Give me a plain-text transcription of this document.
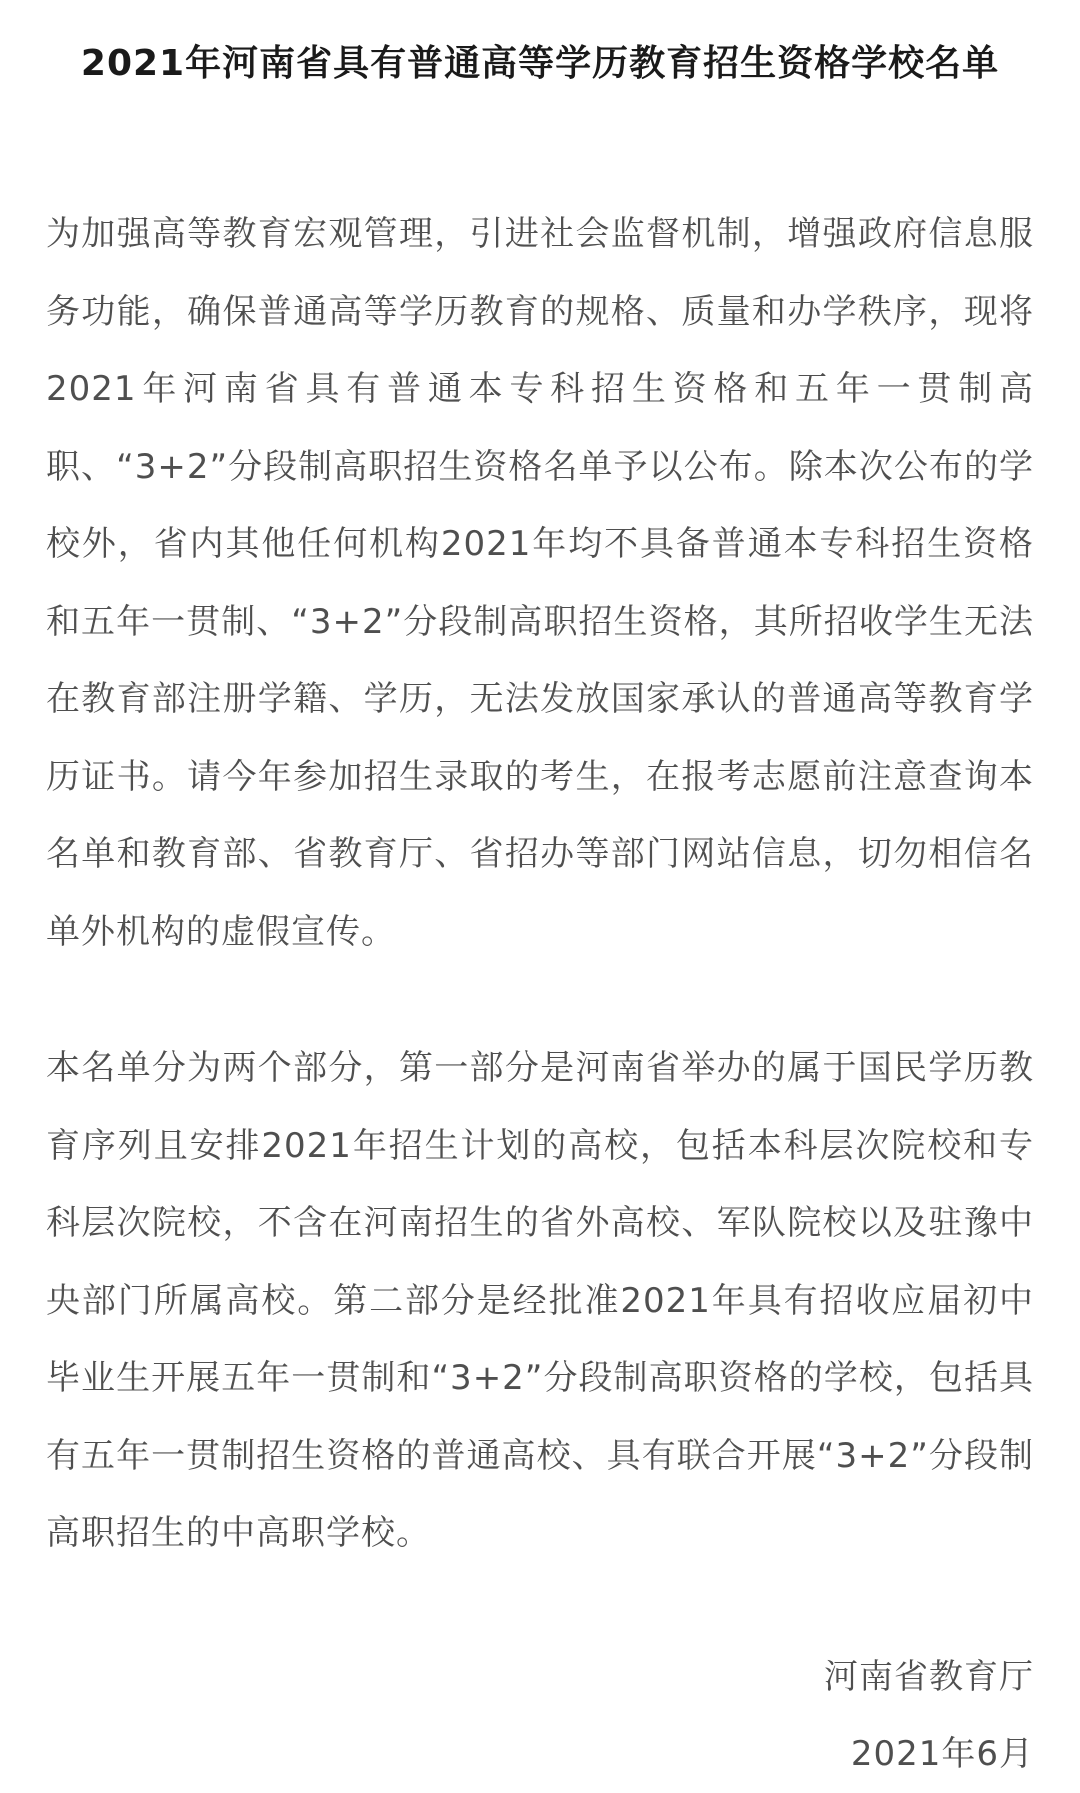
2021年河南省具有普通高等学历教育招生资格学校名单

为加强高等教育宏观管理，引进社会监督机制，增强政府信息服务功能，确保普通高等学历教育的规格、质量和办学秩序，现将2021年河南省具有普通本专科招生资格和五年一贯制高职、“3+2”分段制高职招生资格名单予以公布。除本次公布的学校外，省内其他任何机构2021年均不具备普通本专科招生资格和五年一贯制、“3+2”分段制高职招生资格，其所招收学生无法在教育部注册学籍、学历，无法发放国家承认的普通高等教育学历证书。请今年参加招生录取的考生，在报考志愿前注意查询本名单和教育部、省教育厅、省招办等部门网站信息，切勿相信名单外机构的虚假宣传。

本名单分为两个部分，第一部分是河南省举办的属于国民学历教育序列且安排2021年招生计划的高校，包括本科层次院校和专科层次院校，不含在河南招生的省外高校、军队院校以及驻豫中央部门所属高校。第二部分是经批准2021年具有招收应届初中毕业生开展五年一贯制和“3+2”分段制高职资格的学校，包括具有五年一贯制招生资格的普通高校、具有联合开展“3+2”分段制高职招生的中高职学校。

河南省教育厅
2021年6月
